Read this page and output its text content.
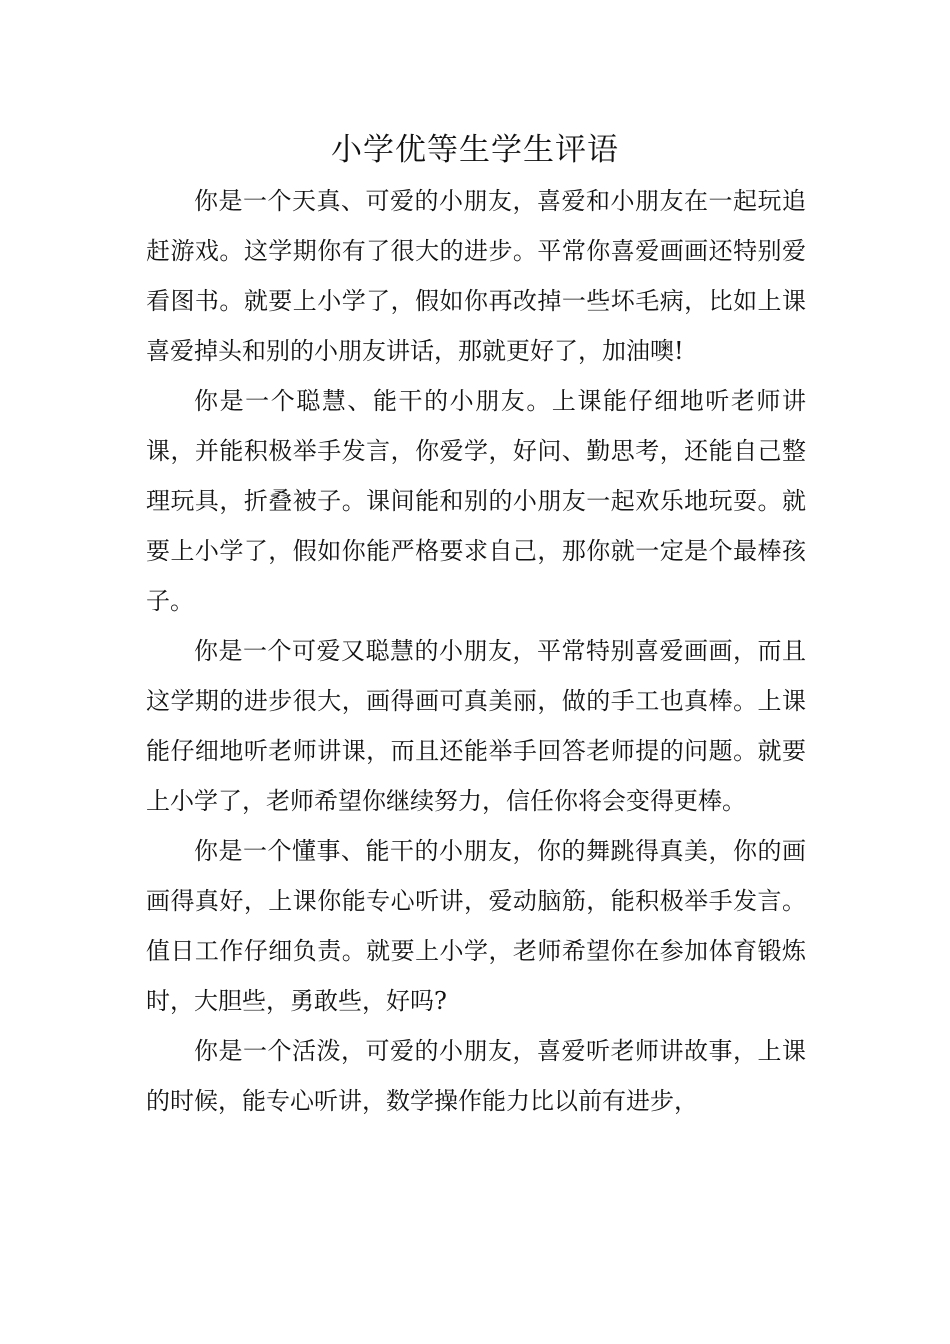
小学优等生学生评语

你是一个天真、可爱的小朋友，喜爱和小朋友在一起玩追赶游戏。这学期你有了很大的进步。平常你喜爱画画还特别爱看图书。就要上小学了，假如你再改掉一些坏毛病，比如上课喜爱掉头和别的小朋友讲话，那就更好了，加油噢!

你是一个聪慧、能干的小朋友。上课能仔细地听老师讲课，并能积极举手发言，你爱学，好问、勤思考，还能自己整理玩具，折叠被子。课间能和别的小朋友一起欢乐地玩耍。就要上小学了，假如你能严格要求自己，那你就一定是个最棒孩子。

你是一个可爱又聪慧的小朋友，平常特别喜爱画画，而且这学期的进步很大，画得画可真美丽，做的手工也真棒。上课能仔细地听老师讲课，而且还能举手回答老师提的问题。就要上小学了，老师希望你继续努力，信任你将会变得更棒。

你是一个懂事、能干的小朋友，你的舞跳得真美，你的画画得真好，上课你能专心听讲，爱动脑筋，能积极举手发言。值日工作仔细负责。就要上小学，老师希望你在参加体育锻炼时，大胆些，勇敢些，好吗?

你是一个活泼，可爱的小朋友，喜爱听老师讲故事，上课的时候，能专心听讲，数学操作能力比以前有进步，
